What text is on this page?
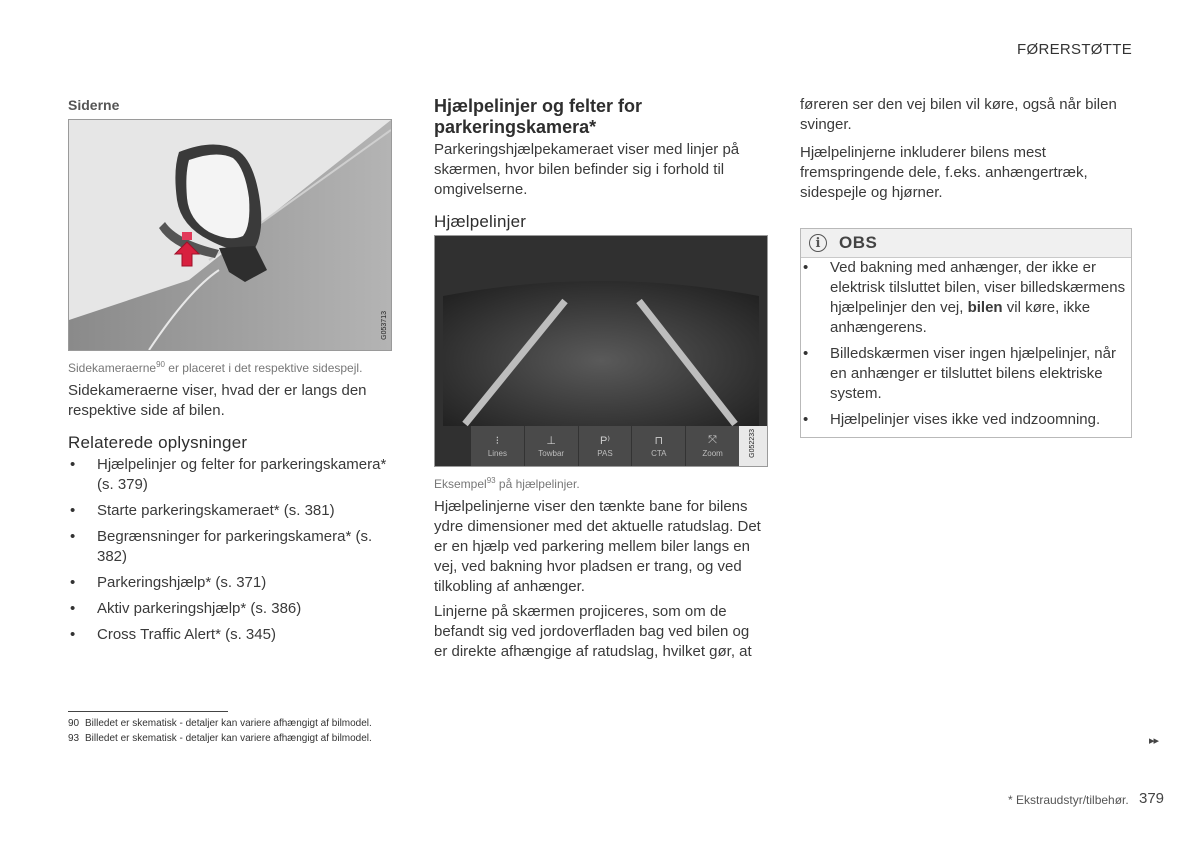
FØRERSTØTTE
Siderne
G053713
Sidekameraerne$^{90}$ er placeret i det respektive sidespejl.

Sidekameraerne viser, hvad der er langs den respektive side af bilen.

Relaterede oplysninger
• Hjælpelinjer og felter for parkeringskamera* (s. 379)
• Starte parkeringskameraet* (s. 381)
• Begrænsninger for parkeringskamera* (s. 382)
• Parkeringshjælp* (s. 371)
• Aktiv parkeringshjælp* (s. 386)
• Cross Traffic Alert* (s. 345)
Hjælpelinjer og felter for parkeringskamera*

Parkeringshjælpekameraet viser med linjer på skærmen, hvor bilen befinder sig i forhold til omgivelserne.

Hjælpelinjer
⁝
Lines
⊥
Towbar
P⁾
PAS
⊓
CTA
⤧
Zoom	G052233
Eksempel$^{93}$ på hjælpelinjer.

Hjælpelinjerne viser den tænkte bane for bilens ydre dimensioner med det aktuelle ratudslag. Det er en hjælp ved parkering mellem biler langs en vej, ved bakning hvor pladsen er trang, og ved tilkobling af anhænger.

Linjerne på skærmen projiceres, som om de befandt sig ved jordoverfladen bag ved bilen og er direkte afhængige af ratudslag, hvilket gør, at

føreren ser den vej bilen vil køre, også når bilen svinger.

Hjælpelinjerne inkluderer bilens mest fremspringende dele, f.eks. anhængertræk, sidespejle og hjørner.

i	OBS
• Ved bakning med anhænger, der ikke er elektrisk tilsluttet bilen, viser billedskærmens hjælpelinjer den vej, bilen vil køre, ikke anhængerens.
• Billedskærmen viser ingen hjælpelinjer, når en anhænger er tilsluttet bilens elektriske system.
• Hjælpelinjer vises ikke ved indzoomning.
90 Billedet er skematisk - detaljer kan variere afhængigt af bilmodel.
93 Billedet er skematisk - detaljer kan variere afhængigt af bilmodel.	▸▸
* Ekstraudstyr/tilbehør. 379
